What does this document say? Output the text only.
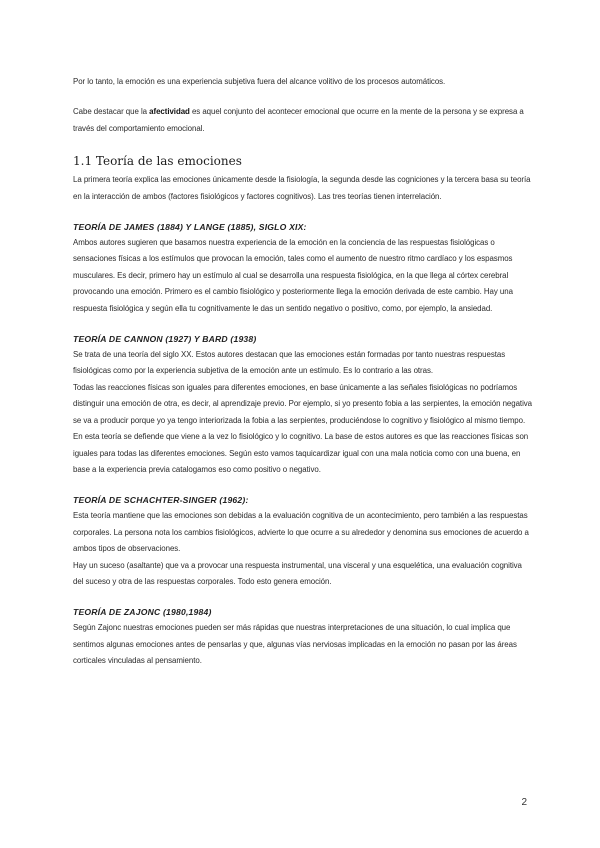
Por lo tanto, la emoción es una experiencia subjetiva fuera del alcance volitivo de los procesos automáticos.

Cabe destacar que la afectividad es aquel conjunto del acontecer emocional que ocurre en la mente de la persona y se expresa a través del comportamiento emocional.

1.1 Teoría de las emociones

La primera teoría explica las emociones únicamente desde la fisiología, la segunda desde las cogniciones y la tercera basa su teoría en la interacción de ambos (factores fisiológicos y factores cognitivos). Las tres teorías tienen interrelación.

TEORÍA DE JAMES (1884) Y LANGE (1885), SIGLO XIX:

Ambos autores sugieren que basamos nuestra experiencia de la emoción en la conciencia de las respuestas fisiológicas o sensaciones físicas a los estímulos que provocan la emoción, tales como el aumento de nuestro ritmo cardíaco y los espasmos musculares. Es decir, primero hay un estímulo al cual se desarrolla una respuesta fisiológica, en la que llega al córtex cerebral provocando una emoción. Primero es el cambio fisiológico y posteriormente llega la emoción derivada de este cambio. Hay una respuesta fisiológica y según ella tu cognitivamente le das un sentido negativo o positivo, como, por ejemplo, la ansiedad.

TEORÍA DE CANNON (1927) Y BARD (1938)

Se trata de una teoría del siglo XX. Estos autores destacan que las emociones están formadas por tanto nuestras respuestas fisiológicas como por la experiencia subjetiva de la emoción ante un estímulo. Es lo contrario a las otras.

Todas las reacciones físicas son iguales para diferentes emociones, en base únicamente a las señales fisiológicas no podríamos distinguir una emoción de otra, es decir, al aprendizaje previo. Por ejemplo, si yo presento fobia a las serpientes, la emoción negativa se va a producir porque yo ya tengo interiorizada la fobia a las serpientes, produciéndose lo cognitivo y fisiológico al mismo tiempo.

En esta teoría se defiende que viene a la vez lo fisiológico y lo cognitivo. La base de estos autores es que las reacciones físicas son iguales para todas las diferentes emociones. Según esto vamos taquicardizar igual con una mala noticia como con una buena, en base a la experiencia previa catalogamos eso como positivo o negativo.

TEORÍA DE SCHACHTER-SINGER (1962):

Esta teoría mantiene que las emociones son debidas a la evaluación cognitiva de un acontecimiento, pero también a las respuestas corporales. La persona nota los cambios fisiológicos, advierte lo que ocurre a su alrededor y denomina sus emociones de acuerdo a ambos tipos de observaciones.

Hay un suceso (asaltante) que va a provocar una respuesta instrumental, una visceral y una esquelética, una evaluación cognitiva del suceso y otra de las respuestas corporales. Todo esto genera emoción.

TEORÍA DE ZAJONC (1980,1984)

Según Zajonc nuestras emociones pueden ser más rápidas que nuestras interpretaciones de una situación, lo cual implica que sentimos algunas emociones antes de pensarlas y que, algunas vías nerviosas implicadas en la emoción no pasan por las áreas corticales vinculadas al pensamiento.

2
